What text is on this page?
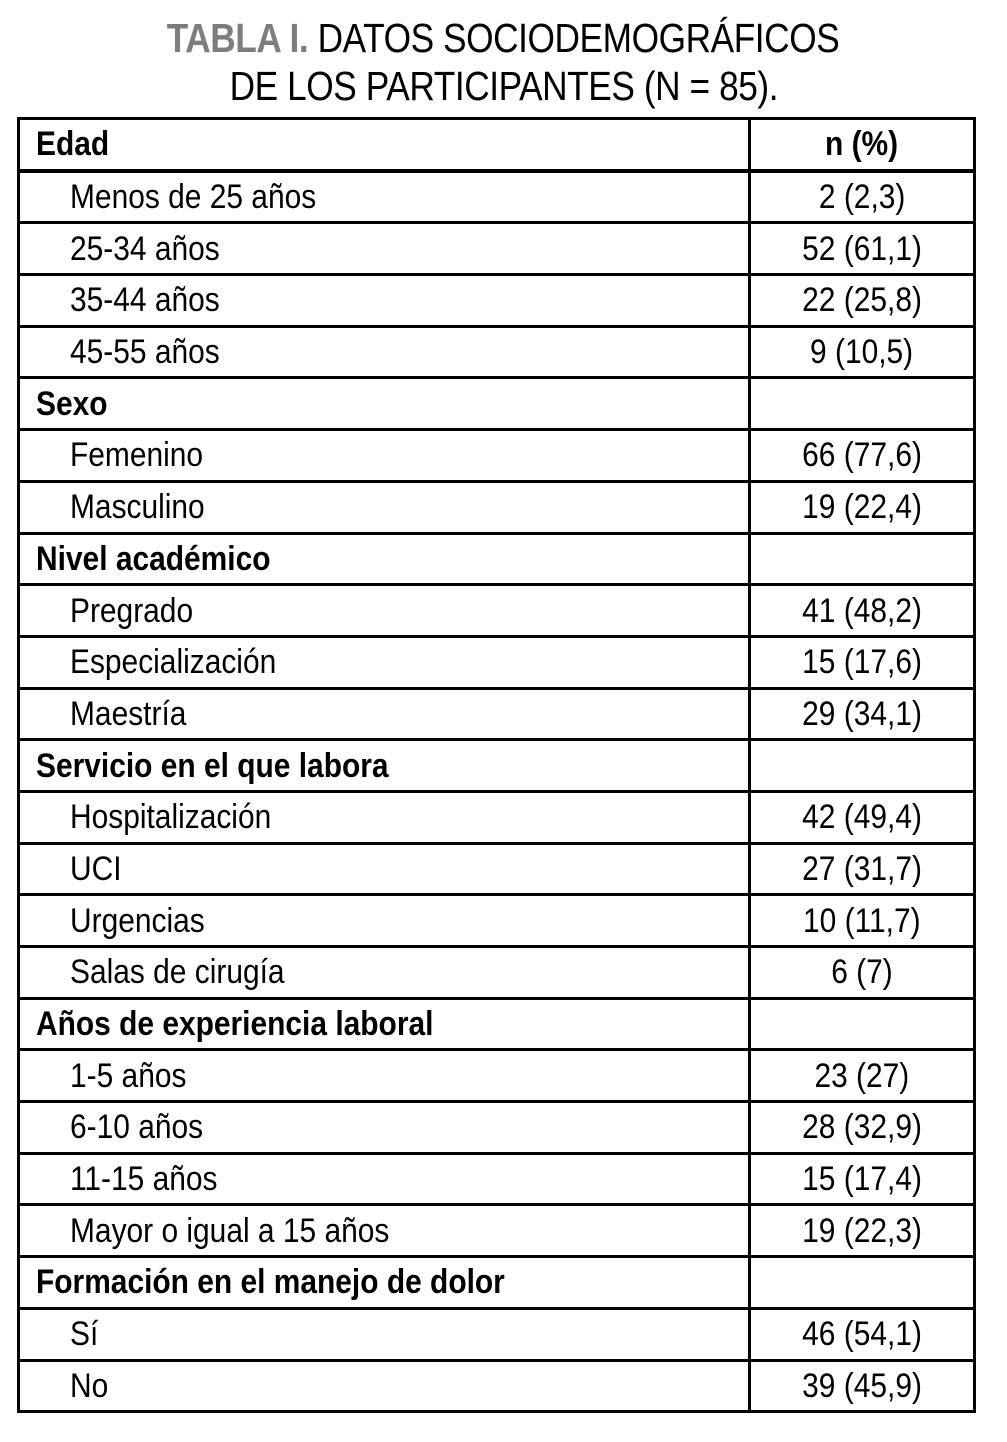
TABLA I. DATOS SOCIODEMOGRÁFICOS
DE LOS PARTICIPANTES (N = 85).
Edad	n (%)
Menos de 25 años	2 (2,3)
25-34 años	52 (61,1)
35-44 años	22 (25,8)
45-55 años	9 (10,5)
Sexo
Femenino	66 (77,6)
Masculino	19 (22,4)
Nivel académico
Pregrado	41 (48,2)
Especialización	15 (17,6)
Maestría	29 (34,1)
Servicio en el que labora
Hospitalización	42 (49,4)
UCI	27 (31,7)
Urgencias	10 (11,7)
Salas de cirugía	6 (7)
Años de experiencia laboral
1-5 años	23 (27)
6-10 años	28 (32,9)
11-15 años	15 (17,4)
Mayor o igual a 15 años	19 (22,3)
Formación en el manejo de dolor
Sí	46 (54,1)
No	39 (45,9)
